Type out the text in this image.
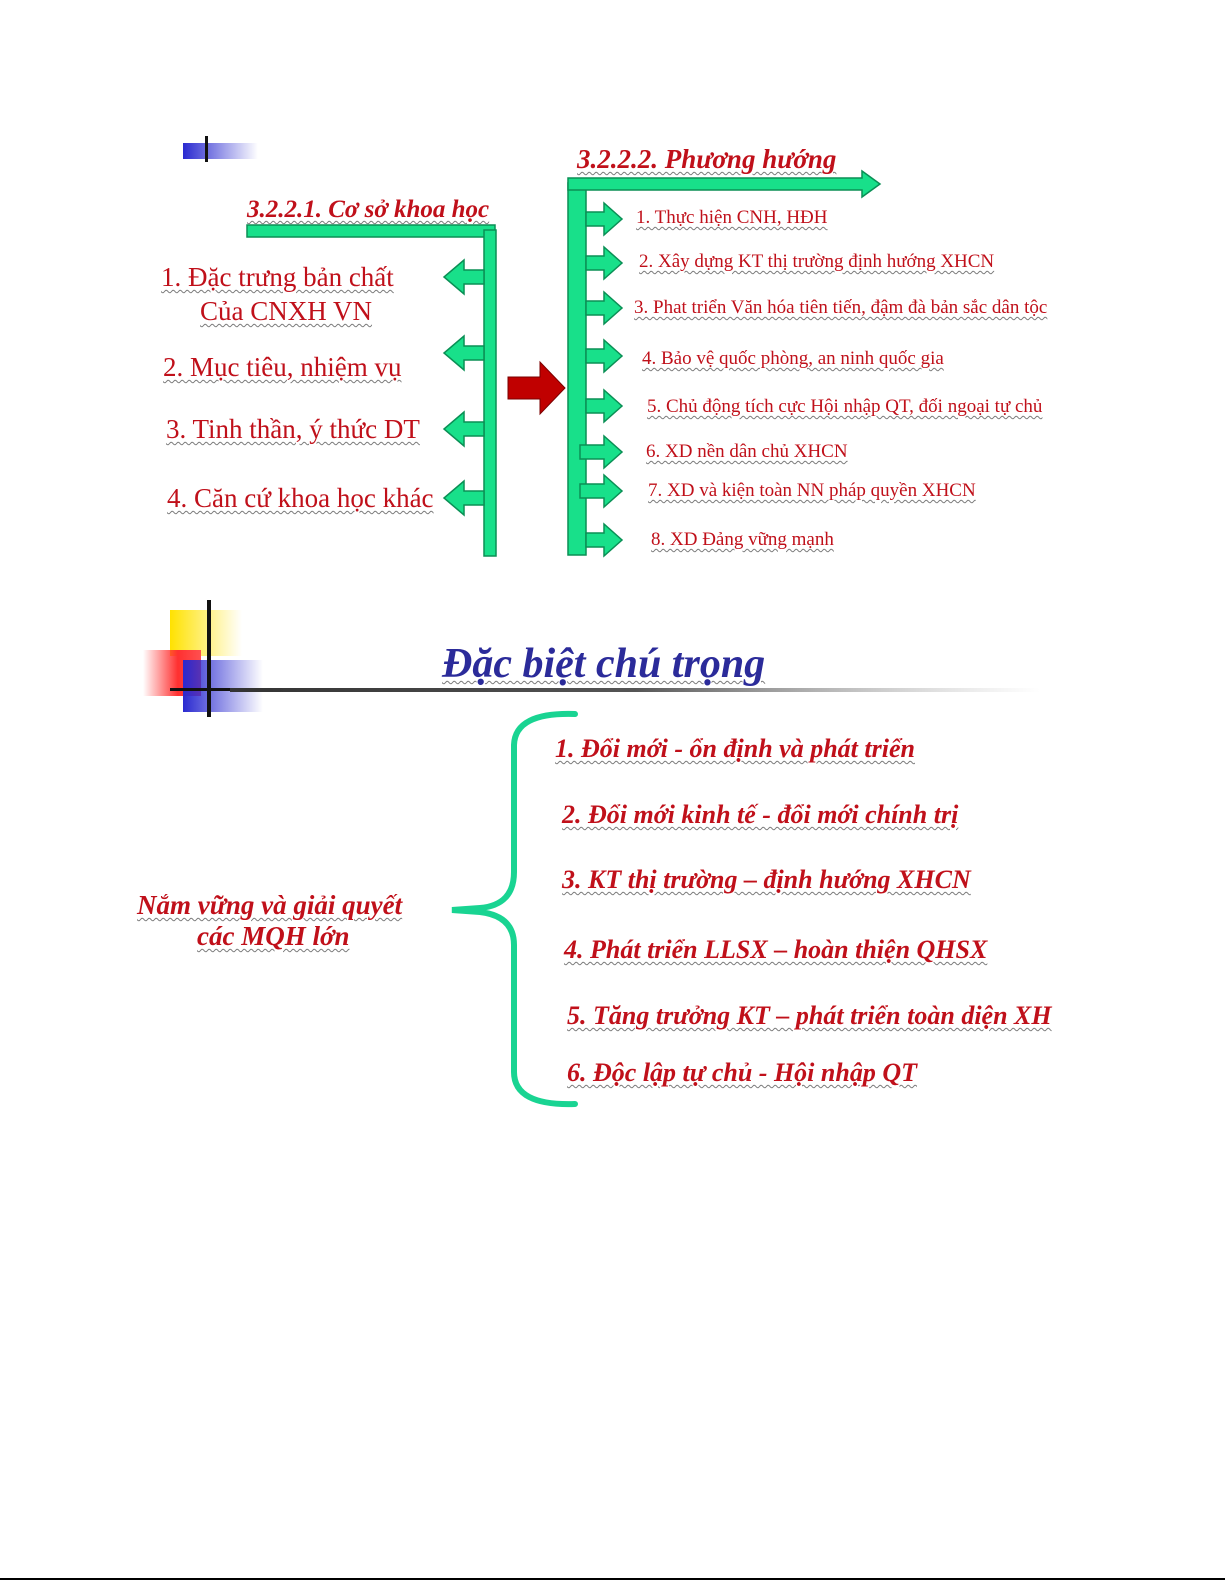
3.2.2.1. Cơ sở khoa học
1. Đặc trưng bản chất
Của CNXH VN
2. Mục tiêu, nhiệm vụ
3. Tinh thần, ý thức DT
4. Căn cứ khoa học khác
3.2.2.2. Phương hướng
1. Thực hiện CNH, HĐH
2. Xây dựng KT thị trường định hướng XHCN
3. Phat triển Văn hóa tiên tiến, đậm đà bản sắc dân tộc
4. Bảo vệ quốc phòng, an ninh quốc gia
5. Chủ động tích cực Hội nhập QT, đối ngoại tự chủ
6. XD nền dân chủ XHCN
7. XD và kiện toàn NN pháp quyền XHCN
8. XD Đảng vững mạnh
Đặc biệt chú trọng
Nắm vững và giải quyết
các MQH lớn
1. Đổi mới - ổn định và phát triển
2. Đổi mới kinh tế - đổi mới chính trị
3. KT thị trường – định hướng XHCN
4. Phát triển LLSX – hoàn thiện QHSX
5. Tăng trưởng KT – phát triển toàn diện XH
6. Độc lập tự chủ - Hội nhập QT
